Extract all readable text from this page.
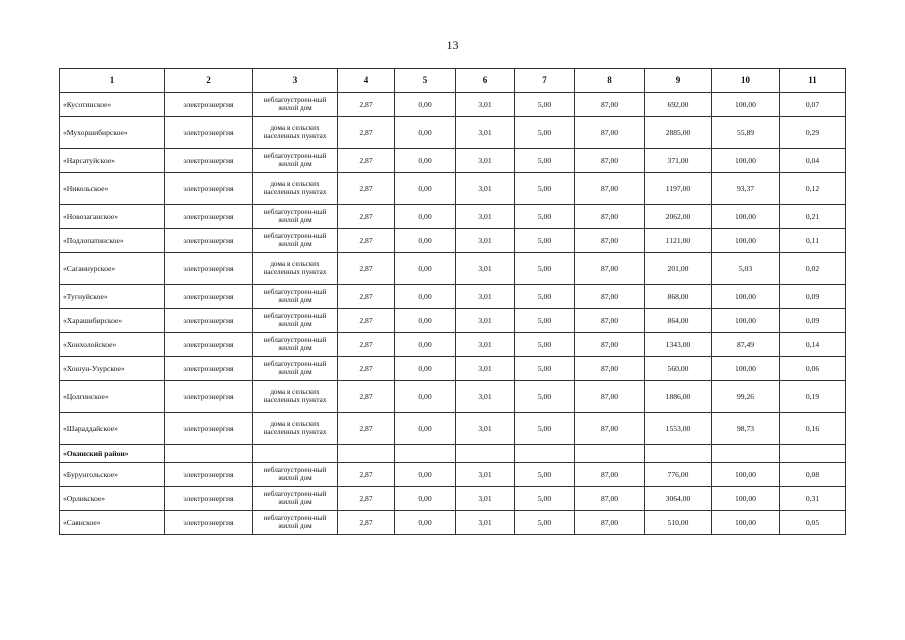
13
1	2	3	4	5	6	7	8	9	10	11
«Кусотинское»	электроэнергия	неблагоустроен-ный жилой дом	2,87	0,00	3,01	5,00	87,00	692,00	100,00	0,07
«Мухоршибирское»	электроэнергия	дома в сельских населенных пунктах	2,87	0,00	3,01	5,00	87,00	2885,00	55,89	0,29
«Нарсатуйское»	электроэнергия	неблагоустроен-ный жилой дом	2,87	0,00	3,01	5,00	87,00	371,00	100,00	0,04
«Никольское»	электроэнергия	дома в сельских населенных пунктах	2,87	0,00	3,01	5,00	87,00	1197,00	93,37	0,12
«Новозаганское»	электроэнергия	неблагоустроен-ный жилой дом	2,87	0,00	3,01	5,00	87,00	2062,00	100,00	0,21
«Подлопатинское»	электроэнергия	неблагоустроен-ный жилой дом	2,87	0,00	3,01	5,00	87,00	1121,00	100,00	0,11
«Саганнурское»	электроэнергия	дома в сельских населенных пунктах	2,87	0,00	3,01	5,00	87,00	201,00	5,03	0,02
«Тугнуйское»	электроэнергия	неблагоустроен-ный жилой дом	2,87	0,00	3,01	5,00	87,00	868,00	100,00	0,09
«Харашибирское»	электроэнергия	неблагоустроен-ный жилой дом	2,87	0,00	3,01	5,00	87,00	864,00	100,00	0,09
«Хонхолойское»	электроэнергия	неблагоустроен-ный жилой дом	2,87	0,00	3,01	5,00	87,00	1343,00	87,49	0,14
«Хошун-Узурское»	электроэнергия	неблагоустроен-ный жилой дом	2,87	0,00	3,01	5,00	87,00	560,00	100,00	0,06
«Цолгинское»	электроэнергия	дома в сельских населенных пунктах	2,87	0,00	3,01	5,00	87,00	1886,00	99,26	0,19
«Шараддайское»	электроэнергия	дома в сельских населенных пунктах	2,87	0,00	3,01	5,00	87,00	1553,00	98,73	0,16
«Окинский район»										
«Бурунгольское»	электроэнергия	неблагоустроен-ный жилой дом	2,87	0,00	3,01	5,00	87,00	776,00	100,00	0,08
«Орликское»	электроэнергия	неблагоустроен-ный жилой дом	2,87	0,00	3,01	5,00	87,00	3064,00	100,00	0,31
«Саянское»	электроэнергия	неблагоустроен-ный жилой дом	2,87	0,00	3,01	5,00	87,00	510,00	100,00	0,05
